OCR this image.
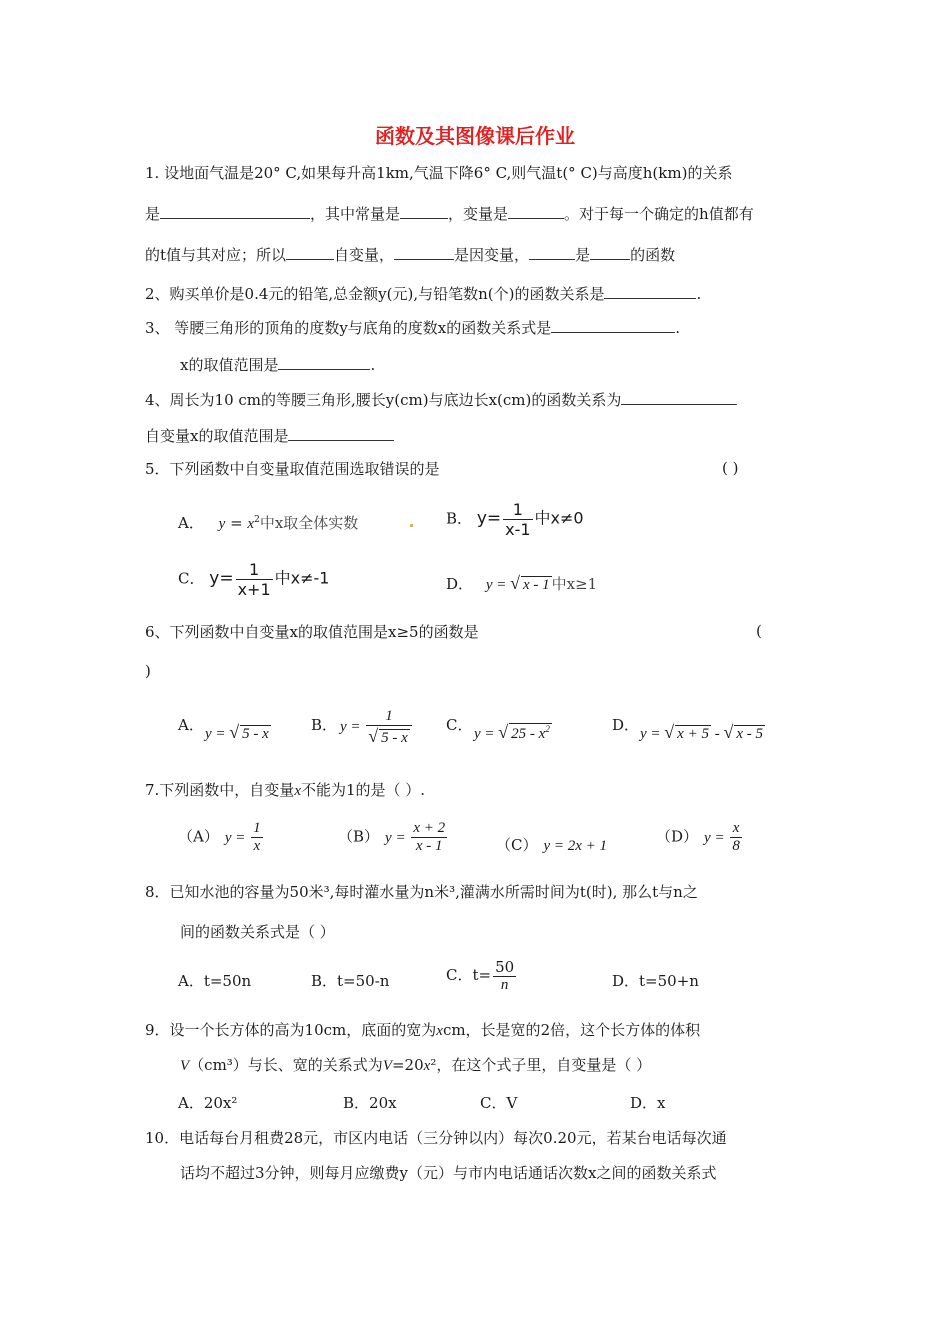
函数及其图像课后作业
1. 设地面气温是20° C,如果每升高1km,气温下降6° C,则气温t(° C)与高度h(km)的关系
是	，其中常量是	，变量是	。对于每一个确定的h值都有
的t值与其对应；所以	自变量，	是因变量，	是	的函数
2、购买单价是0.4元的铅笔,总金额y(元),与铅笔数n(个)的函数关系是	.
3、 等腰三角形的顶角的度数y与底角的度数x的函数关系式是	.
x的取值范围是	.
4、周长为10 cm的等腰三角形,腰长y(cm)与底边长x(cm)的函数关系为
自变量x的取值范围是
5．下列函数中自变量取值范围选取错误的是	( )
A． $y = x^2$中x取全体实数	B． $y= \frac{1}{x-1}$ 中x≠0
C． $y= \frac{1}{x+1}$ 中x≠-1	D． y = √ x - 1 中x≥1
6、下列函数中自变量x的取值范围是x≥5的函数是	(
)
A． y = √ 5 - x	B． y = 1
√ 5 - x C． y = √ $25 - x^2$	D． y = √ x + 5 - √ x - 5
7.下列函数中，自变量x不能为1的是（ ）.
（A） $y = \frac{1}{x}$	（B） $y = \frac{x + 2}{x - 1}$	（C） y = 2x + 1
（D） $y = \frac{x}{8}$
8．已知水池的容量为50米³,每时灌水量为n米³,灌满水所需时间为t(时), 那么t与n之
间的函数关系式是（ ）
A．t=50n	B．t=50-n	C．$t= \frac{50}{n}$	D．t=50+n
9．设一个长方体的高为10cm，底面的宽为xcm，长是宽的2倍，这个长方体的体积
V（cm³）与长、宽的关系式为V=20x²，在这个式子里，自变量是（ ）
A．20x²	B．20x	C．V	D．x
10．电话每台月租费28元，市区内电话（三分钟以内）每次0.20元，若某台电话每次通
话均不超过3分钟，则每月应缴费y（元）与市内电话通话次数x之间的函数关系式
